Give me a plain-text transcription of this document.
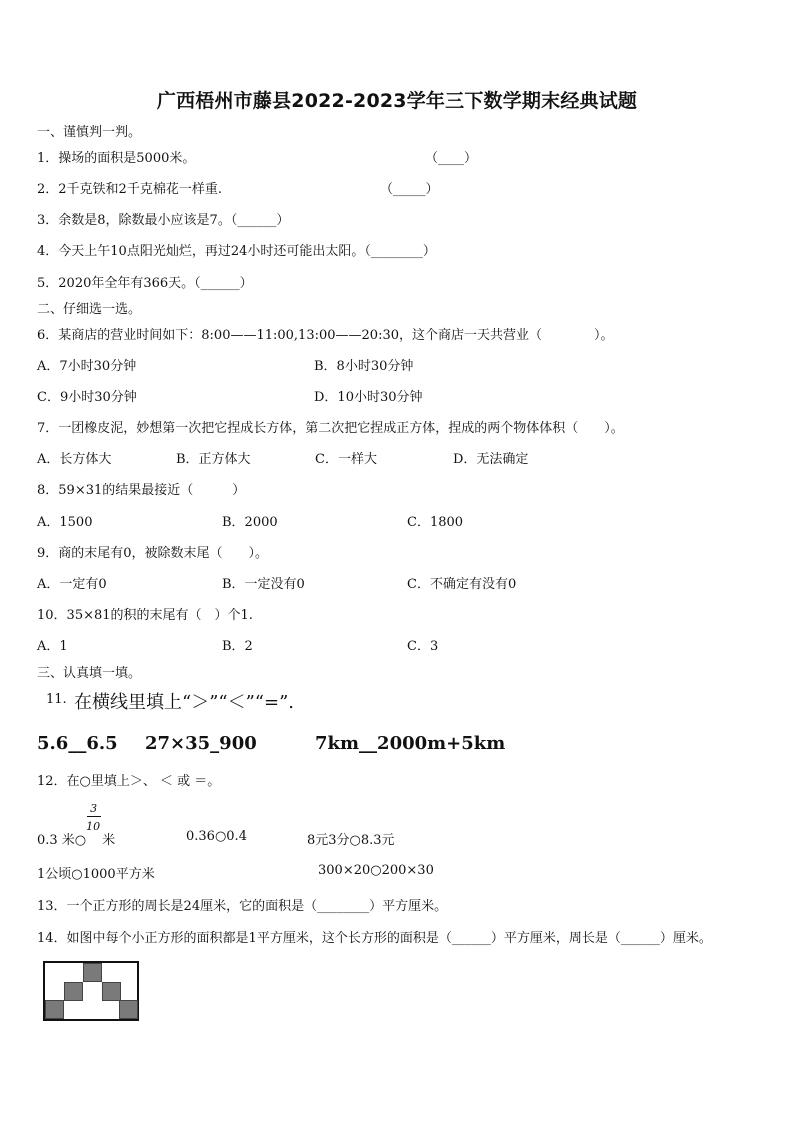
广西梧州市藤县2022-2023学年三下数学期末经典试题
一、谨慎判一判。
1．操场的面积是5000米。	（____）
2．2千克铁和2千克棉花一样重.	（_____）
3．余数是8，除数最小应该是7。（______）
4．今天上午10点阳光灿烂，再过24小时还可能出太阳。（________）
5．2020年全年有366天。（______）
二、仔细选一选。
6．某商店的营业时间如下：8:00——11:00,13:00——20:30，这个商店一天共营业（　　　　）。
A．7小时30分钟	B．8小时30分钟
C．9小时30分钟	D．10小时30分钟
7．一团橡皮泥，妙想第一次把它捏成长方体，第二次把它捏成正方体，捏成的两个物体体积（　　）。
A．长方体大	B．正方体大	C．一样大	D．无法确定
8．59×31的结果最接近（　　　）
A．1500	B．2000	C．1800
9．商的末尾有0，被除数末尾（　　）。
A．一定有0	B．一定没有0	C．不确定有没有0
10．35×81的积的末尾有（　）个1.
A．1	B．2	C．3
三、认真填一填。
11. 在横线里填上“＞”“＜”“=”.
5.6__6.5 27×35_900	7km__2000m+5km
12．在○里填上＞、 ＜ 或 ＝。
0.3 米○ $\frac{3}{10}$ 米	0.36○0.4	8元3分○8.3元
1公顷○1000平方米	300×20○200×30
13．一个正方形的周长是24厘米，它的面积是（________）平方厘米。
14．如图中每个小正方形的面积都是1平方厘米，这个长方形的面积是（______）平方厘米，周长是（______）厘米。
